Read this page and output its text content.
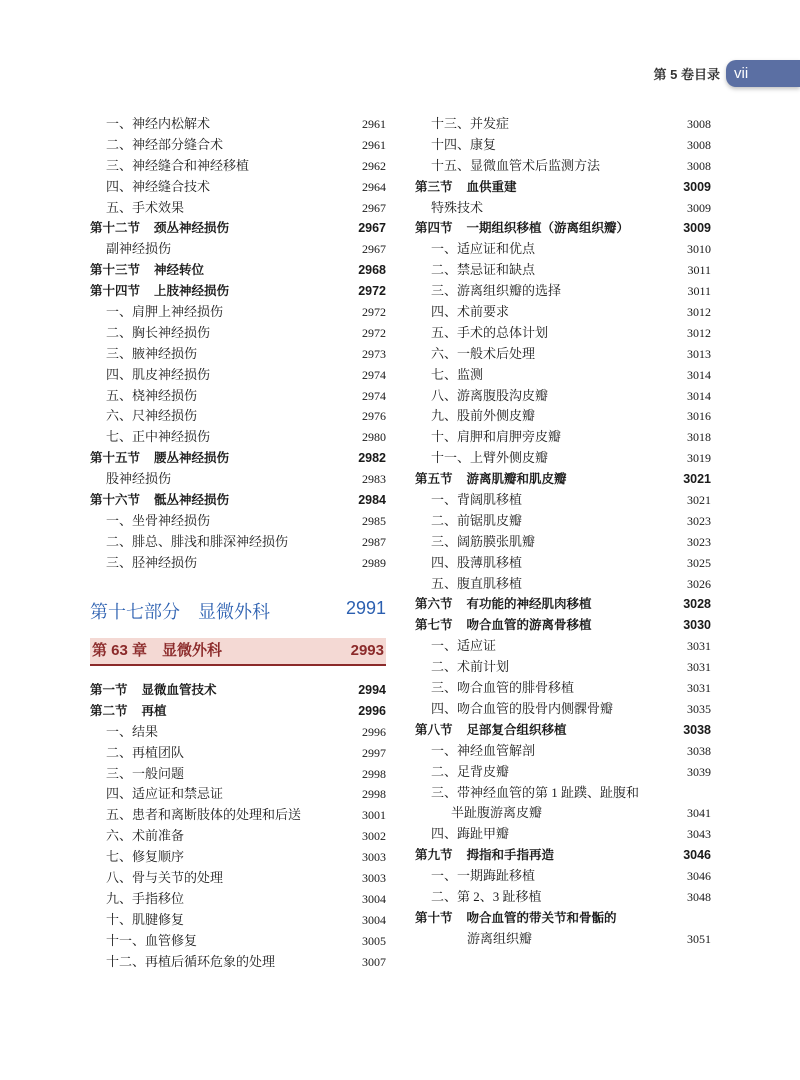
第 5 卷目录 vii
一、神经内松解术	2961
二、神经部分缝合术	2961
三、神经缝合和神经移植	2962
四、神经缝合技术	2964
五、手术效果	2967
第十二节 颈丛神经损伤	2967
副神经损伤	2967
第十三节 神经转位	2968
第十四节 上肢神经损伤	2972
一、肩胛上神经损伤	2972
二、胸长神经损伤	2972
三、腋神经损伤	2973
四、肌皮神经损伤	2974
五、桡神经损伤	2974
六、尺神经损伤	2976
七、正中神经损伤	2980
第十五节 腰丛神经损伤	2982
股神经损伤	2983
第十六节 骶丛神经损伤	2984
一、坐骨神经损伤	2985
二、腓总、腓浅和腓深神经损伤	2987
三、胫神经损伤	2989
第十七部分　显微外科	2991
第 63 章　显微外科	2993
第一节 显微血管技术	2994
第二节 再植	2996
一、结果	2996
二、再植团队	2997
三、一般问题	2998
四、适应证和禁忌证	2998
五、患者和离断肢体的处理和后送	3001
六、术前准备	3002
七、修复顺序	3003
八、骨与关节的处理	3003
九、手指移位	3004
十、肌腱修复	3004
十一、血管修复	3005
十二、再植后循环危象的处理	3007
十三、并发症	3008
十四、康复	3008
十五、显微血管术后监测方法	3008
第三节 血供重建	3009
特殊技术	3009
第四节 一期组织移植（游离组织瓣）	3009
一、适应证和优点	3010
二、禁忌证和缺点	3011
三、游离组织瓣的选择	3011
四、术前要求	3012
五、手术的总体计划	3012
六、一般术后处理	3013
七、监测	3014
八、游离腹股沟皮瓣	3014
九、股前外侧皮瓣	3016
十、肩胛和肩胛旁皮瓣	3018
十一、上臂外侧皮瓣	3019
第五节 游离肌瓣和肌皮瓣	3021
一、背阔肌移植	3021
二、前锯肌皮瓣	3023
三、阔筋膜张肌瓣	3023
四、股薄肌移植	3025
五、腹直肌移植	3026
第六节 有功能的神经肌肉移植	3028
第七节 吻合血管的游离骨移植	3030
一、适应证	3031
二、术前计划	3031
三、吻合血管的腓骨移植	3031
四、吻合血管的股骨内侧髁骨瓣	3035
第八节 足部复合组织移植	3038
一、神经血管解剖	3038
二、足背皮瓣	3039
三、带神经血管的第 1 趾蹼、趾腹和
半趾腹游离皮瓣	3041
四、踇趾甲瓣	3043
第九节 拇指和手指再造	3046
一、一期踇趾移植	3046
二、第 2、3 趾移植	3048
第十节 吻合血管的带关节和骨骺的
游离组织瓣	3051
